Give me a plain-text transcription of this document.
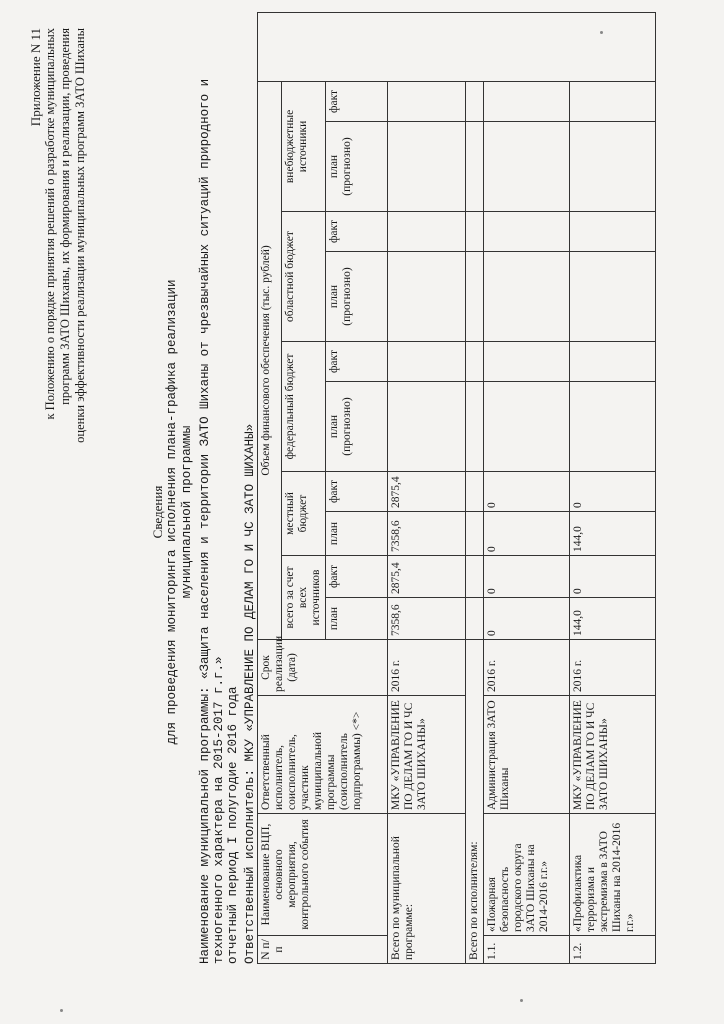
Приложение N 11 к Положению о порядке принятия решений о разработке муниципальных программ ЗАТО Шиханы, их формирования и реализации, проведения оценки эффективности реализации муниципальных программ ЗАТО Шиханы
Сведения для проведения мониторинга исполнения плана-графика реализации муниципальной программы Наименование муниципальной программы: «Защита населения и территории ЗАТО Шиханы от чрезвычайных ситуаций природного и техногенного характера на 2015-2017 г.г.» отчетный период I полугодие 2016 года Ответственный исполнитель: МКУ «УПРАВЛЕНИЕ ПО ДЕЛАМ ГО И ЧС ЗАТО ШИХАНЫ» N п/п	Наименование ВЦП, основного мероприятия, контрольного события	Ответственный исполнитель, соисполнитель, участник муниципальной программы (соисполнитель подпрограммы) <*>	Срок реализации (дата)	Объем финансового обеспечения (тыс. рублей)										
				всего за счет всех источников		местный бюджет		федеральный бюджет		областной бюджет		внебюджетные источники		
				план	факт	план	факт	план (прогнозно)	факт	план (прогнозно)	факт	план (прогнозно)	факт	
Всего по муниципальной программе:		МКУ «УПРАВЛЕНИЕ ПО ДЕЛАМ ГО И ЧС ЗАТО ШИХАНЫ»	2016 г.	7358,6	2875,4	7358,6	2875,4							
Всего по исполнителям:														
1.1.	«Пожарная безопасность городского округа ЗАТО Шиханы на 2014-2016 г.г.»	Администрация ЗАТО Шиханы	2016 г.	0	0	0	0							
1.2.	«Профилактика терроризма и экстремизма в ЗАТО Шиханы на 2014-2016 г.г.»	МКУ «УПРАВЛЕНИЕ ПО ДЕЛАМ ГО И ЧС ЗАТО ШИХАНЫ»	2016 г.	144,0	0	144,0	0							
